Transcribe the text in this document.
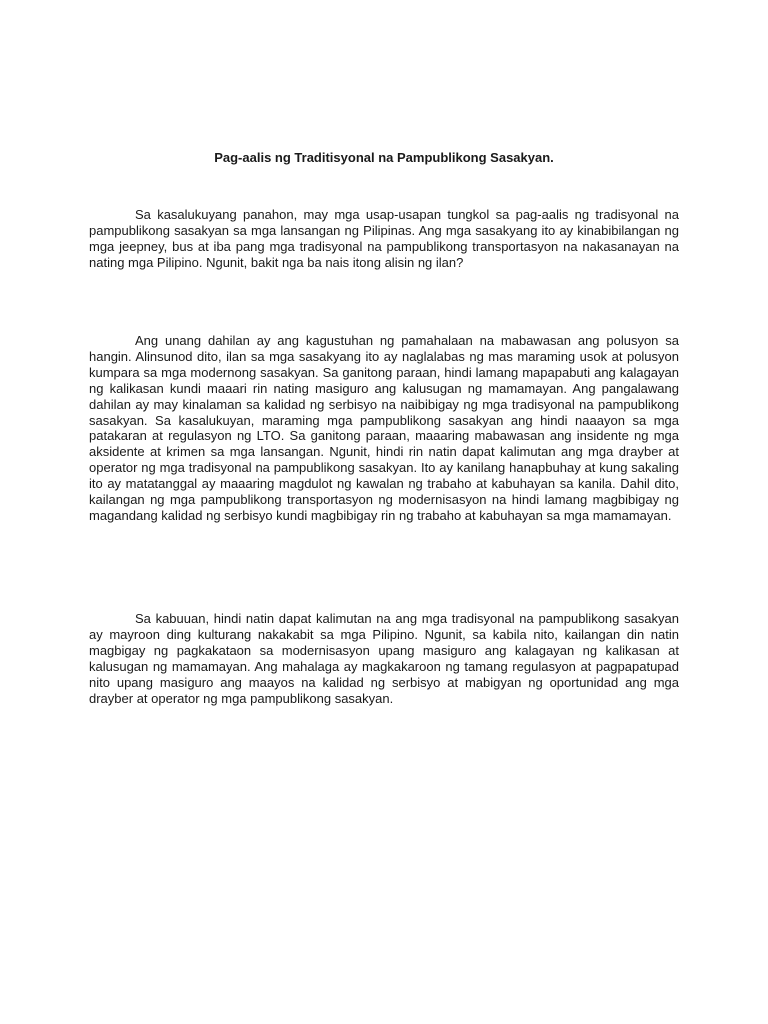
Pag-aalis ng Traditisyonal na Pampublikong Sasakyan.

Sa kasalukuyang panahon, may mga usap-usapan tungkol sa pag-aalis ng tradisyonal na pampublikong sasakyan sa mga lansangan ng Pilipinas. Ang mga sasakyang ito ay kinabibilangan ng mga jeepney, bus at iba pang mga tradisyonal na pampublikong transportasyon na nakasanayan na nating mga Pilipino. Ngunit, bakit nga ba nais itong alisin ng ilan?

Ang unang dahilan ay ang kagustuhan ng pamahalaan na mabawasan ang polusyon sa hangin. Alinsunod dito, ilan sa mga sasakyang ito ay naglalabas ng mas maraming usok at polusyon kumpara sa mga modernong sasakyan. Sa ganitong paraan, hindi lamang mapapabuti ang kalagayan ng kalikasan kundi maaari rin nating masiguro ang kalusugan ng mamamayan. Ang pangalawang dahilan ay may kinalaman sa kalidad ng serbisyo na naibibigay ng mga tradisyonal na pampublikong sasakyan. Sa kasalukuyan, maraming mga pampublikong sasakyan ang hindi naaayon sa mga patakaran at regulasyon ng LTO. Sa ganitong paraan, maaaring mabawasan ang insidente ng mga aksidente at krimen sa mga lansangan. Ngunit, hindi rin natin dapat kalimutan ang mga drayber at operator ng mga tradisyonal na pampublikong sasakyan. Ito ay kanilang hanapbuhay at kung sakaling ito ay matatanggal ay maaaring magdulot ng kawalan ng trabaho at kabuhayan sa kanila. Dahil dito, kailangan ng mga pampublikong transportasyon ng modernisasyon na hindi lamang magbibigay ng magandang kalidad ng serbisyo kundi magbibigay rin ng trabaho at kabuhayan sa mga mamamayan.

Sa kabuuan, hindi natin dapat kalimutan na ang mga tradisyonal na pampublikong sasakyan ay mayroon ding kulturang nakakabit sa mga Pilipino. Ngunit, sa kabila nito, kailangan din natin magbigay ng pagkakataon sa modernisasyon upang masiguro ang kalagayan ng kalikasan at kalusugan ng mamamayan. Ang mahalaga ay magkakaroon ng tamang regulasyon at pagpapatupad nito upang masiguro ang maayos na kalidad ng serbisyo at mabigyan ng oportunidad ang mga drayber at operator ng mga pampublikong sasakyan.
